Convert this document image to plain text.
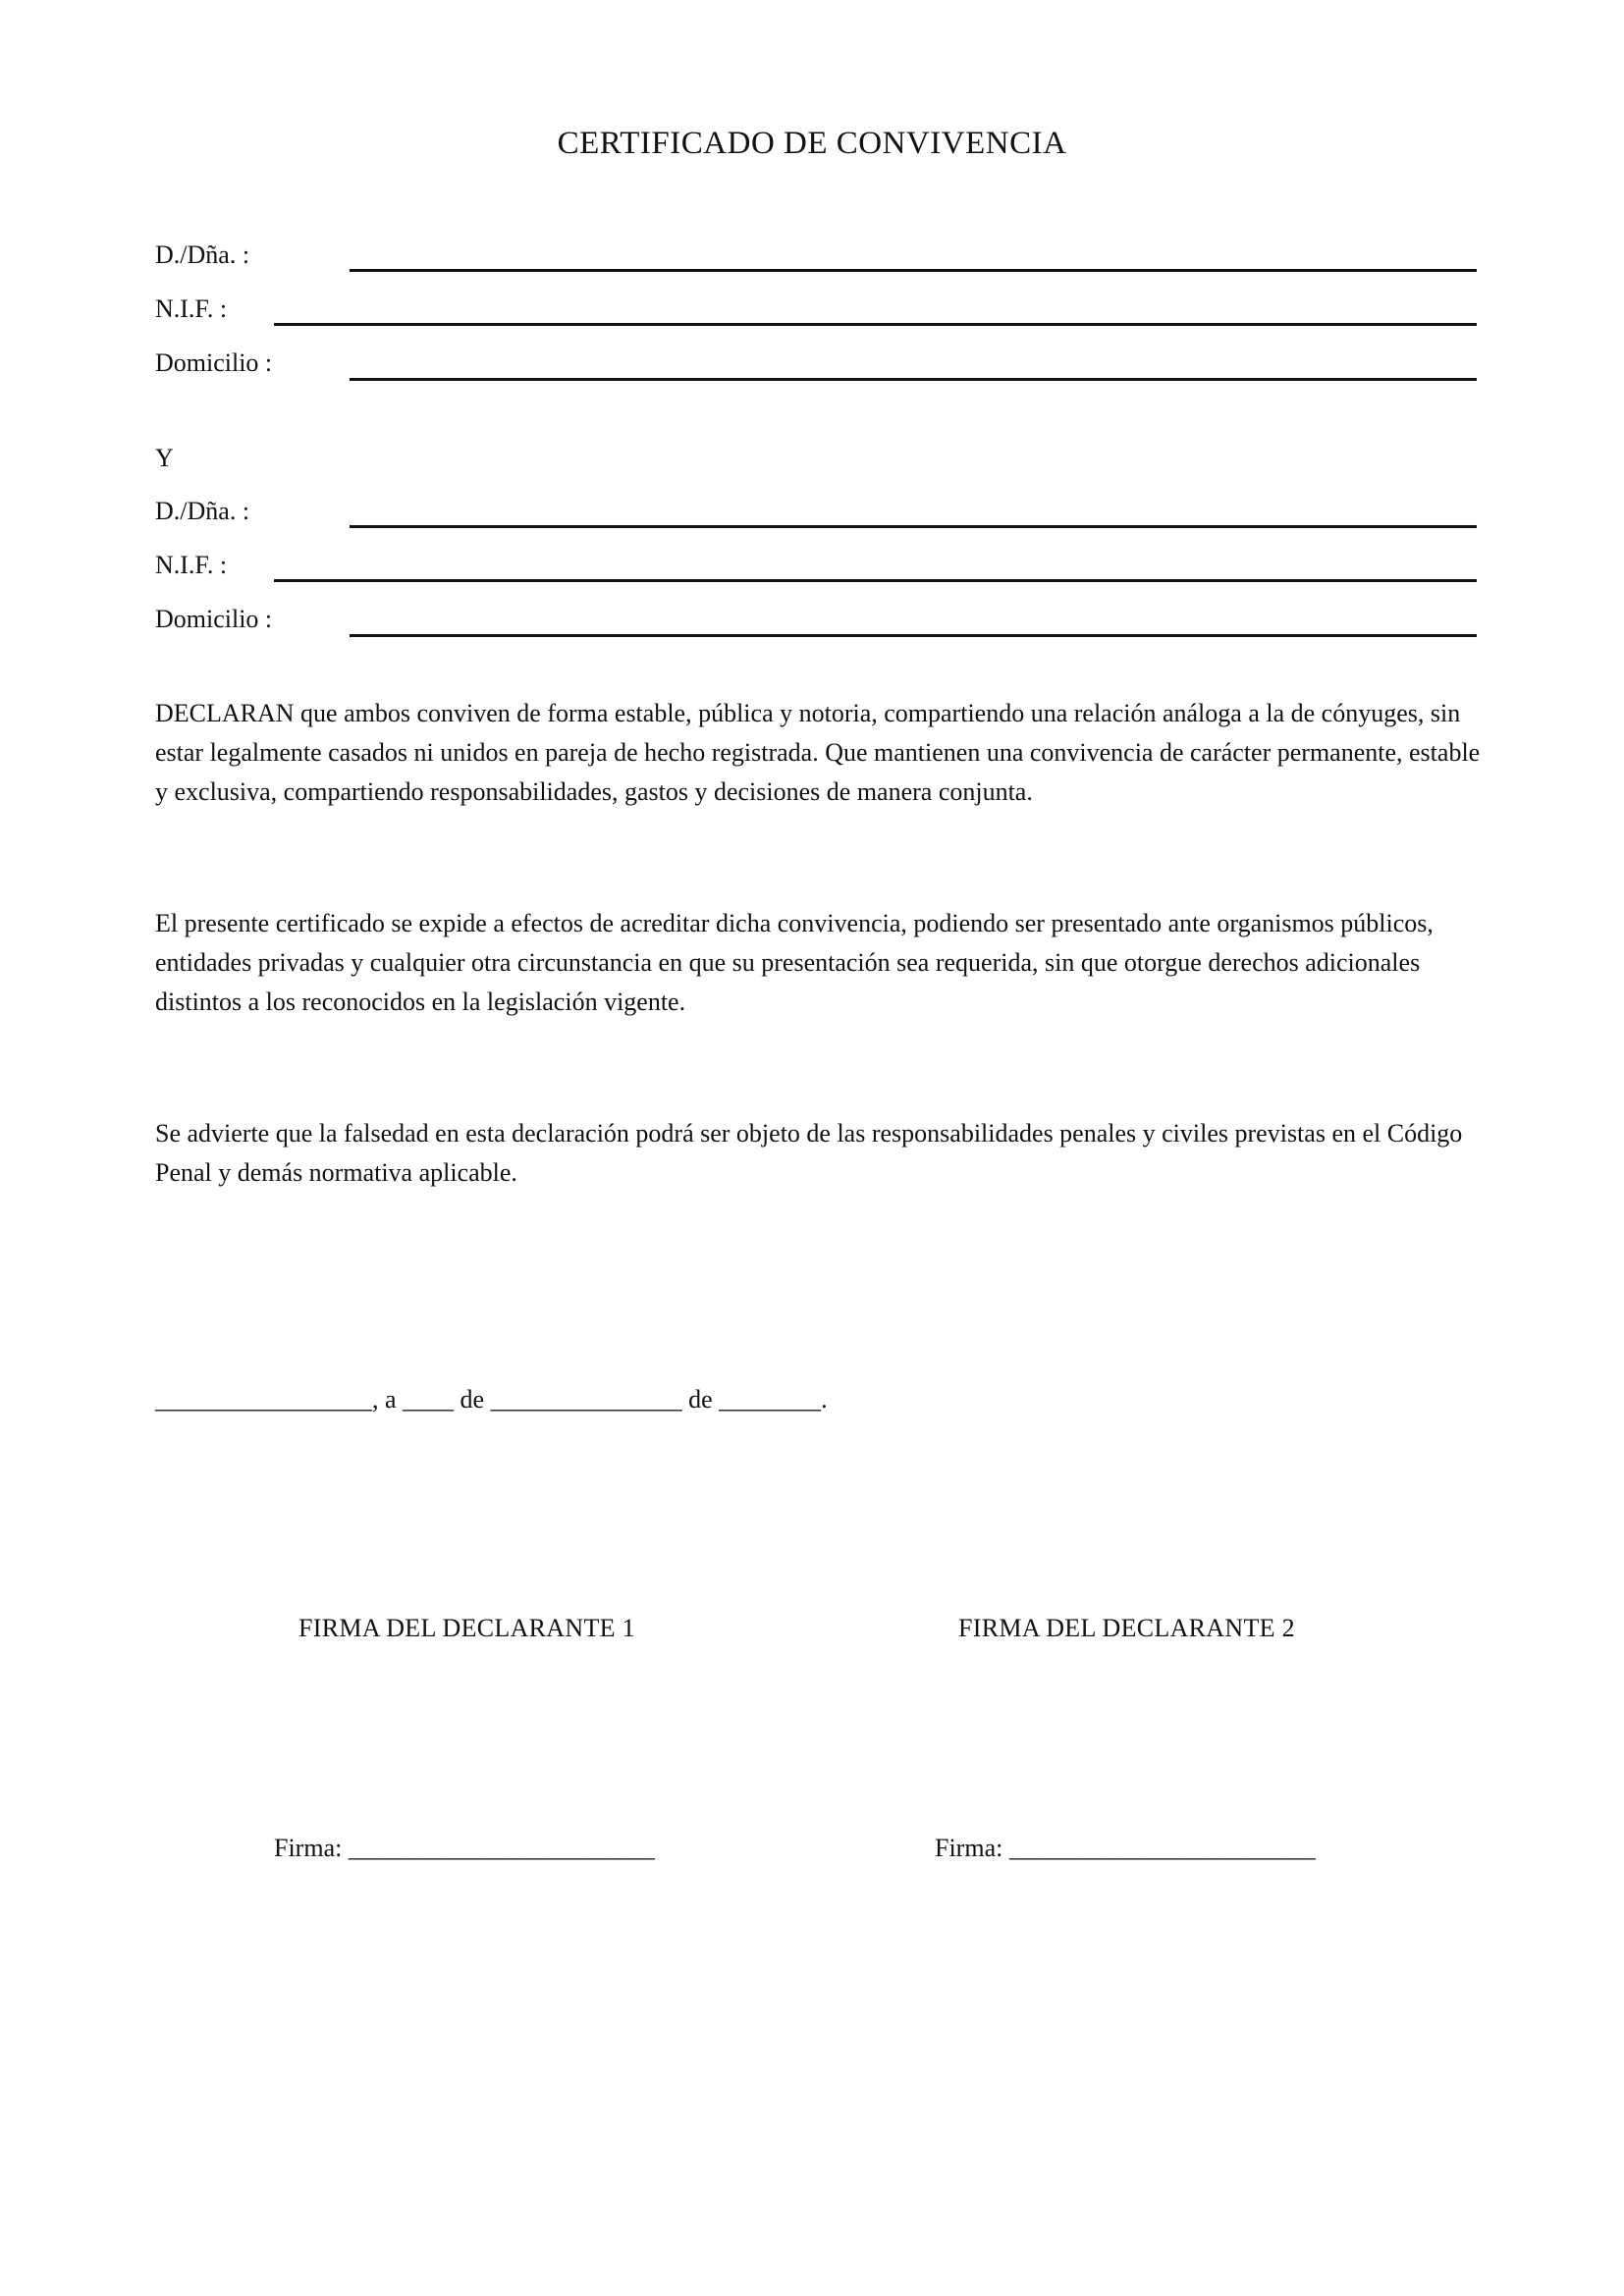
CERTIFICADO DE CONVIVENCIA
D./Dña. :
N.I.F. :
Domicilio :
Y
D./Dña. :
N.I.F. :
Domicilio :

DECLARAN que ambos conviven de forma estable, pública y notoria, compartiendo una relación análoga a la de cónyuges, sin estar legalmente casados ni unidos en pareja de hecho registrada. Que mantienen una convivencia de carácter permanente, estable y exclusiva, compartiendo responsabilidades, gastos y decisiones de manera conjunta.

El presente certificado se expide a efectos de acreditar dicha convivencia, podiendo ser presentado ante organismos públicos, entidades privadas y cualquier otra circunstancia en que su presentación sea requerida, sin que otorgue derechos adicionales distintos a los reconocidos en la legislación vigente.

Se advierte que la falsedad en esta declaración podrá ser objeto de las responsabilidades penales y civiles previstas en el Código Penal y demás normativa aplicable.

_________________, a ____ de _______________ de ________.
FIRMA DEL DECLARANTE 1	FIRMA DEL DECLARANTE 2
Firma: ________________________	Firma: ________________________
